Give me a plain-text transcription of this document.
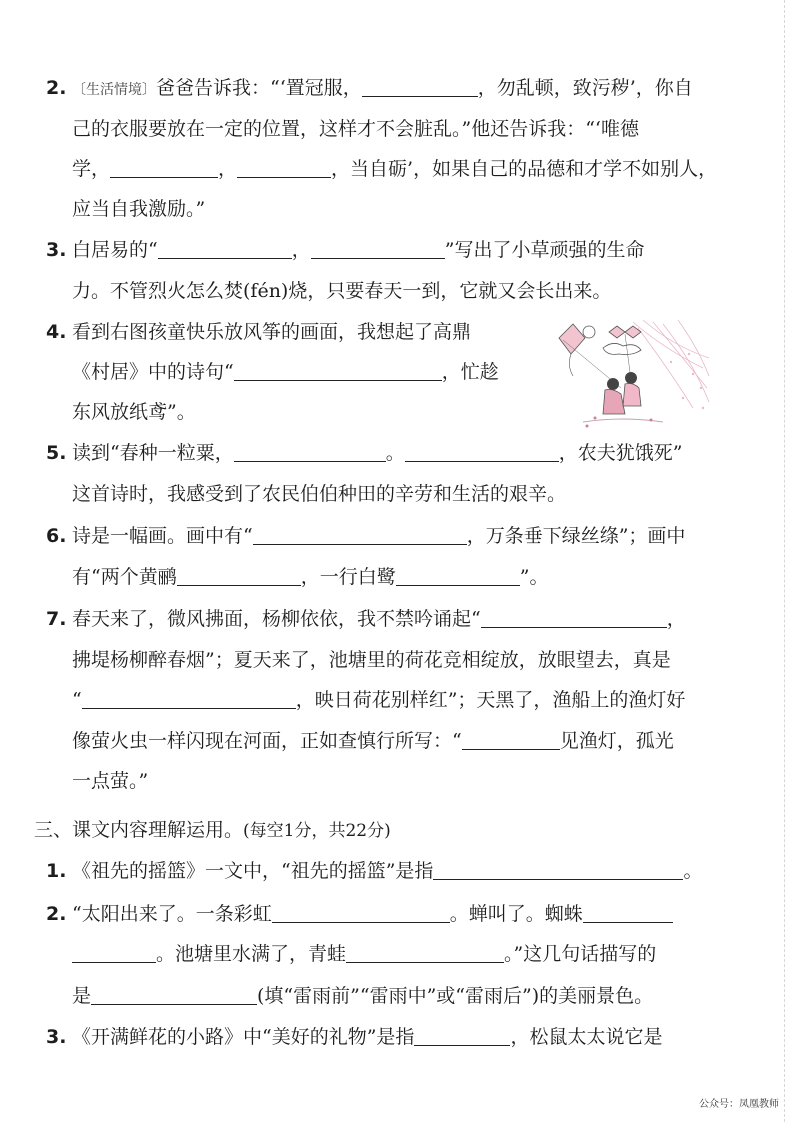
2. 〔生活情境〕爸爸告诉我：“‘置冠服，	，勿乱顿，致污秽’，你自
己的衣服要放在一定的位置，这样才不会脏乱。”他还告诉我：“‘唯德
学，	，	，当自砺’，如果自己的品德和才学不如别人，
应当自我激励。”
3. 白居易的“	，	”写出了小草顽强的生命
力。不管烈火怎么焚(fén)烧，只要春天一到，它就又会长出来。
4. 看到右图孩童快乐放风筝的画面，我想起了高鼎
《村居》中的诗句“	，忙趁
东风放纸鸢”。
5. 读到“春种一粒粟，	。	，农夫犹饿死”
这首诗时，我感受到了农民伯伯种田的辛劳和生活的艰辛。
6. 诗是一幅画。画中有“	，万条垂下绿丝绦”；画中
有“两个黄鹂	，一行白鹭	”。
7. 春天来了，微风拂面，杨柳依依，我不禁吟诵起“	，
拂堤杨柳醉春烟”；夏天来了，池塘里的荷花竞相绽放，放眼望去，真是
“	，映日荷花别样红”；天黑了，渔船上的渔灯好
像萤火虫一样闪现在河面，正如查慎行所写：“	见渔灯，孤光
一点萤。”
三、课文内容理解运用。(每空1分，共22分)
1. 《祖先的摇篮》一文中，“祖先的摇篮”是指	。
2. “太阳出来了。一条彩虹	。蝉叫了。蜘蛛
。池塘里水满了，青蛙	。”这几句话描写的
是	(填“雷雨前”“雷雨中”或“雷雨后”)的美丽景色。
3. 《开满鲜花的小路》中“美好的礼物”是指	，松鼠太太说它是
公众号：凤凰教师
